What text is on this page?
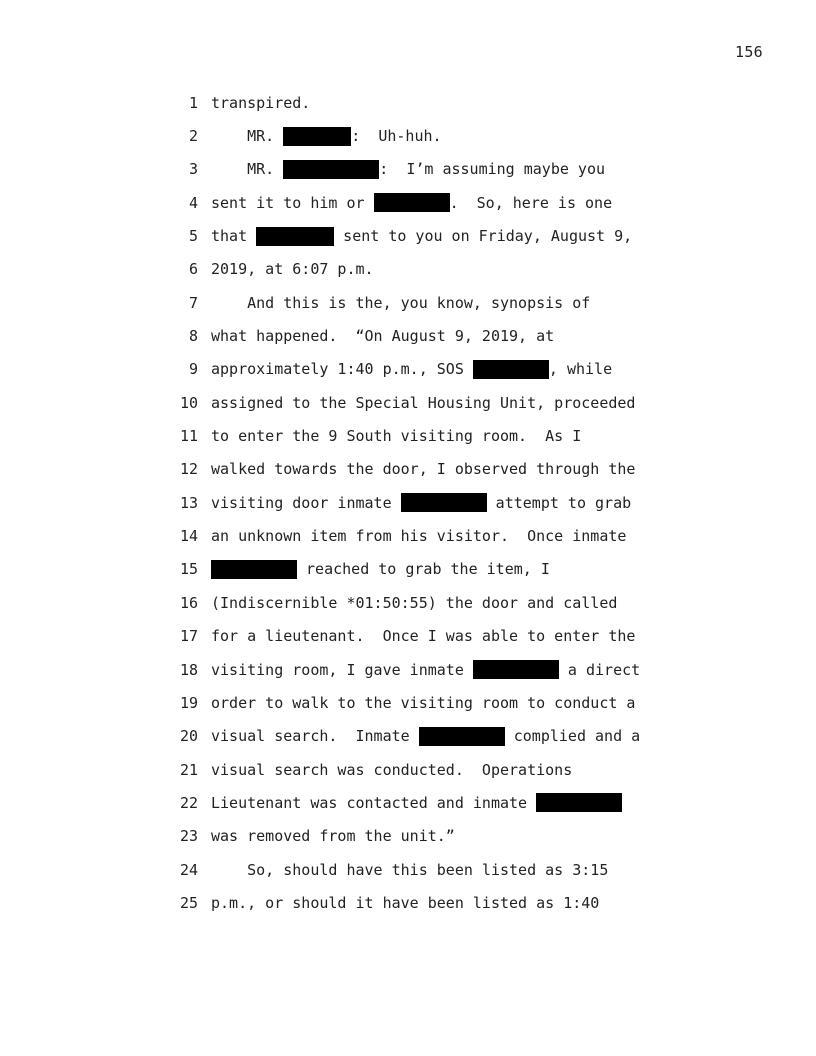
156
1 transpired.
2 MR.	:  Uh-huh.
3 MR.	:  I’m assuming maybe you
4 sent it to him or	.  So, here is one
5 that	sent to you on Friday, August 9,
6 2019, at 6:07 p.m.
7 And this is the, you know, synopsis of
8 what happened.  “On August 9, 2019, at
9 approximately 1:40 p.m., SOS	, while
10 assigned to the Special Housing Unit, proceeded
11 to enter the 9 South visiting room.  As I
12 walked towards the door, I observed through the
13 visiting door inmate	attempt to grab
14 an unknown item from his visitor.  Once inmate
15	reached to grab the item, I
16 (Indiscernible *01:50:55) the door and called
17 for a lieutenant.  Once I was able to enter the
18 visiting room, I gave inmate	a direct
19 order to walk to the visiting room to conduct a
20 visual search.  Inmate	complied and a
21 visual search was conducted.  Operations
22 Lieutenant was contacted and inmate
23 was removed from the unit.”
24 So, should have this been listed as 3:15
25 p.m., or should it have been listed as 1:40
